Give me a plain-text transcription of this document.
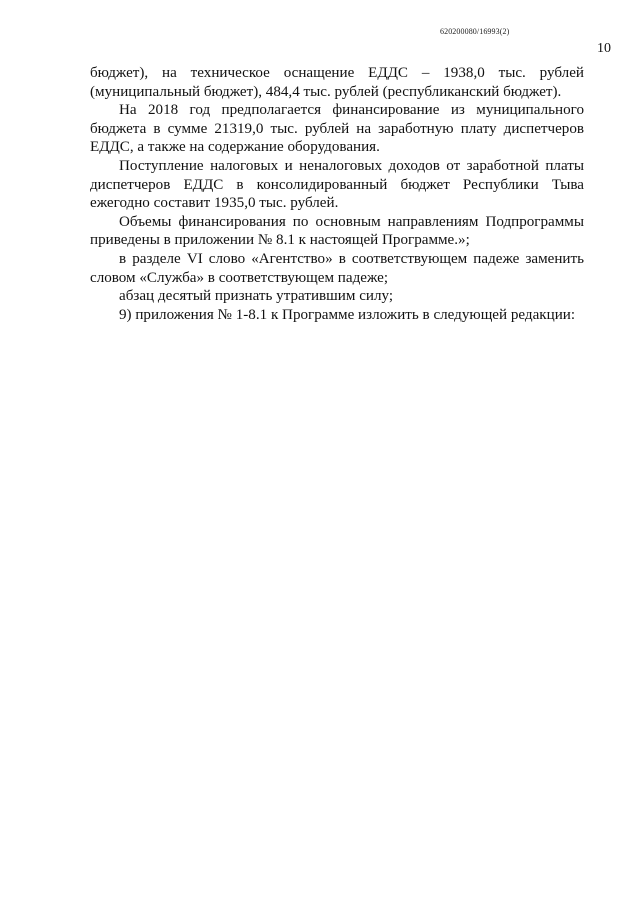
620200080/16993(2)
10

бюджет), на техническое оснащение ЕДДС – 1938,0 тыс. рублей (муниципальный бюджет), 484,4 тыс. рублей (республиканский бюджет).

На 2018 год предполагается финансирование из муниципального бюджета в сумме 21319,0 тыс. рублей на заработную плату диспетчеров ЕДДС, а также на содержание оборудования.

Поступление налоговых и неналоговых доходов от заработной платы диспетчеров ЕДДС в консолидированный бюджет Республики Тыва ежегодно составит 1935,0 тыс. рублей.

Объемы финансирования по основным направлениям Подпрограммы приведены в приложении № 8.1 к настоящей Программе.»;

в разделе VI слово «Агентство» в соответствующем падеже заменить словом «Служба» в соответствующем падеже;

абзац десятый признать утратившим силу;

9) приложения № 1-8.1 к Программе изложить в следующей редакции:
